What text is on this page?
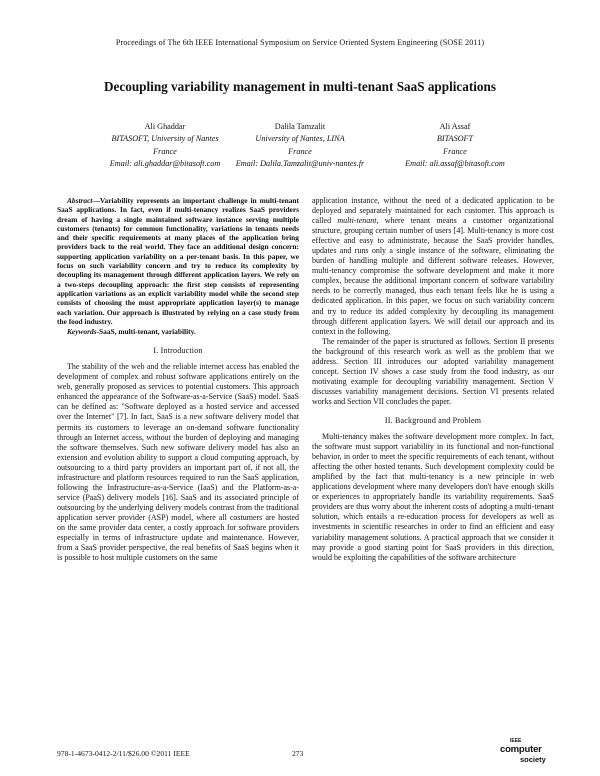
Proceedings of The 6th IEEE International Symposium on Service Oriented System Engineering (SOSE 2011)
Decoupling variability management in multi-tenant SaaS applications
Ali Ghaddar
BITASOFT, University of Nantes
France
Email: ali.ghaddar@bitasoft.com
Dalila Tamzalit
University of Nantes, LINA
France
Email: Dalila.Tamzalit@univ-nantes.fr
Ali Assaf
BITASOFT
France
Email: ali.assaf@bitasoft.com

Abstract—Variability represents an important challenge in multi-tenant SaaS applications. In fact, even if multi-tenancy realizes SaaS providers dream of having a single maintained software instance serving multiple customers (tenants) for common functionality, variations in tenants needs and their specific requirements at many places of the application bring providers back to the real world. They face an additional design concern: supporting application variability on a per-tenant basis. In this paper, we focus on such variability concern and try to reduce its complexity by decoupling its management through different application layers. We rely on a two-steps decoupling approach: the first step consists of representing application variations as an explicit variability model while the second step consists of choosing the must appropriate application layer(s) to manage each variation. Our approach is illustrated by relying on a case study from the food industry.

Keywords-SaaS, multi-tenant, variability.

I. Introduction

The stability of the web and the reliable internet access has enabled the development of complex and robust software applications entirely on the web, generally proposed as services to potential customers. This approach enhanced the appearance of the Software-as-a-Service (SaaS) model. SaaS can be defined as: "Software deployed as a hosted service and accessed over the Internet" [7]. In fact, SaaS is a new software delivery model that permits its customers to leverage an on-demand software functionality through an Internet access, without the burden of deploying and managing the software themselves. Such new software delivery model has also an extension and evolution ability to support a cloud computing approach, by outsourcing to a third party providers an important part of, if not all, the infrastructure and platform resources required to run the SaaS application, following the Infrastructure-as-a-Service (IaaS) and the Platform-as-a-service (PaaS) delivery models [16]. SaaS and its associated principle of outsourcing by the underlying delivery models contrast from the traditional application server provider (ASP) model, where all costumers are hosted on the same provider data center, a costly approach for software providers especially in terms of infrastructure update and maintenance. However, from a SaaS provider perspective, the real benefits of SaaS begins when it is possible to host multiple customers on the same

application instance, without the need of a dedicated application to be deployed and separately maintained for each customer. This approach is called multi-tenant, where tenant means a customer organizational structure, grouping certain number of users [4]. Multi-tenancy is more cost effective and easy to administrate, because the SaaS provider handles, updates and runs only a single instance of the software, eliminating the burden of handling multiple and different software releases. However, multi-tenancy compromise the software development and make it more complex, because the additional important concern of software variability needs to be correctly managed, thus each tenant feels like he is using a dedicated application. In this paper, we focus on such variability concern and try to reduce its added complexity by decoupling its management through different application layers. We will detail our approach and its context in the following.

The remainder of the paper is structured as follows. Section II presents the background of this research work as well as the problem that we address. Section III introduces our adopted variability management concept. Section IV shows a case study from the food industry, as our motivating example for decoupling variability management. Section V discusses variability management decisions. Section VI presents related works and Section VII concludes the paper.

II. Background and Problem

Multi-tenancy makes the software development more complex. In fact, the software must support variability in its functional and non-functional behavior, in order to meet the specific requirements of each tenant, without affecting the other hosted tenants. Such development complexity could be amplified by the fact that multi-tenancy is a new principle in web applications development where many developers don't have enough skills or experiences to appropriately handle its variability requirements. SaaS providers are thus worry about the inherent costs of adopting a multi-tenant solution, which entails a re-education process for developers as well as investments in scientific researches in order to find an efficient and easy variability management solutions. A practical approach that we consider it may provide a good starting point for SaaS providers in this direction, would be exploiting the capabilities of the software architecture

978-1-4673-0412-2/11/$26.00 ©2011 IEEE	273
IEEE
computer
society
